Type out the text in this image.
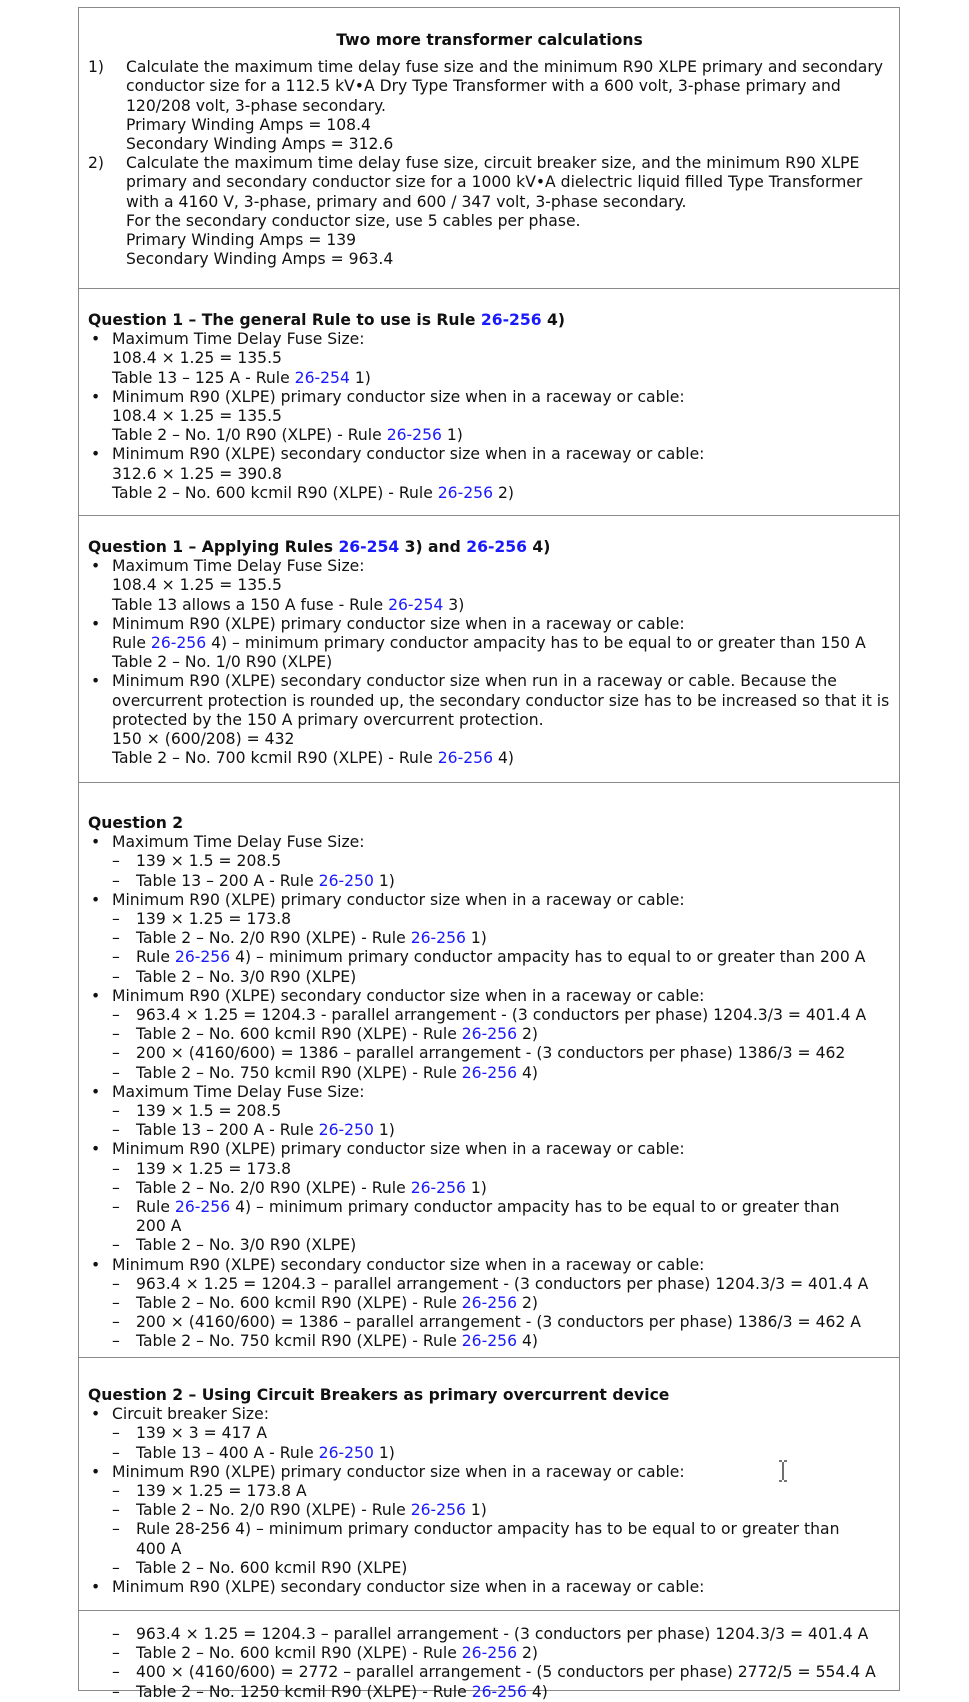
Two more transformer calculations
1)	Calculate the maximum time delay fuse size and the minimum R90 XLPE primary and secondary conductor size for a 112.5 kV•A Dry Type Transformer with a 600 volt, 3-phase primary and 120/208 volt, 3-phase secondary.
Primary Winding Amps = 108.4
Secondary Winding Amps = 312.6
2)	Calculate the maximum time delay fuse size, circuit breaker size, and the minimum R90 XLPE primary and secondary conductor size for a 1000 kV•A dielectric liquid filled Type Transformer with a 4160 V, 3-phase, primary and 600 / 347 volt, 3-phase secondary.
For the secondary conductor size, use 5 cables per phase.
Primary Winding Amps = 139
Secondary Winding Amps = 963.4
Question 1 – The general Rule to use is Rule 26-256 4)
• Maximum Time Delay Fuse Size:
108.4 × 1.25 = 135.5
Table 13 – 125 A - Rule 26-254 1)
• Minimum R90 (XLPE) primary conductor size when in a raceway or cable:
108.4 × 1.25 = 135.5
Table 2 – No. 1/0 R90 (XLPE) - Rule 26-256 1)
• Minimum R90 (XLPE) secondary conductor size when in a raceway or cable:
312.6 × 1.25 = 390.8
Table 2 – No. 600 kcmil R90 (XLPE) - Rule 26-256 2)
Question 1 – Applying Rules 26-254 3) and 26-256 4)
• Maximum Time Delay Fuse Size:
108.4 × 1.25 = 135.5
Table 13 allows a 150 A fuse - Rule 26-254 3)
• Minimum R90 (XLPE) primary conductor size when in a raceway or cable:
Rule 26-256 4) – minimum primary conductor ampacity has to be equal to or greater than 150 A
Table 2 – No. 1/0 R90 (XLPE)
• Minimum R90 (XLPE) secondary conductor size when run in a raceway or cable. Because the overcurrent protection is rounded up, the secondary conductor size has to be increased so that it is protected by the 150 A primary overcurrent protection.
150 × (600/208) = 432
Table 2 – No. 700 kcmil R90 (XLPE) - Rule 26-256 4)
Question 2
• Maximum Time Delay Fuse Size:
– 139 × 1.5 = 208.5
– Table 13 – 200 A - Rule 26-250 1)
• Minimum R90 (XLPE) primary conductor size when in a raceway or cable:
– 139 × 1.25 = 173.8
– Table 2 – No. 2/0 R90 (XLPE) - Rule 26-256 1)
– Rule 26-256 4) – minimum primary conductor ampacity has to equal to or greater than 200 A
– Table 2 – No. 3/0 R90 (XLPE)
• Minimum R90 (XLPE) secondary conductor size when in a raceway or cable:
– 963.4 × 1.25 = 1204.3 - parallel arrangement - (3 conductors per phase) 1204.3/3 = 401.4 A
– Table 2 – No. 600 kcmil R90 (XLPE) - Rule 26-256 2)
– 200 × (4160/600) = 1386 – parallel arrangement - (3 conductors per phase) 1386/3 = 462
– Table 2 – No. 750 kcmil R90 (XLPE) - Rule 26-256 4)
• Maximum Time Delay Fuse Size:
– 139 × 1.5 = 208.5
– Table 13 – 200 A - Rule 26-250 1)
• Minimum R90 (XLPE) primary conductor size when in a raceway or cable:
– 139 × 1.25 = 173.8
– Table 2 – No. 2/0 R90 (XLPE) - Rule 26-256 1)
– Rule 26-256 4) – minimum primary conductor ampacity has to be equal to or greater than
200 A
– Table 2 – No. 3/0 R90 (XLPE)
• Minimum R90 (XLPE) secondary conductor size when in a raceway or cable:
– 963.4 × 1.25 = 1204.3 – parallel arrangement - (3 conductors per phase) 1204.3/3 = 401.4 A
– Table 2 – No. 600 kcmil R90 (XLPE) - Rule 26-256 2)
– 200 × (4160/600) = 1386 – parallel arrangement - (3 conductors per phase) 1386/3 = 462 A
– Table 2 – No. 750 kcmil R90 (XLPE) - Rule 26-256 4)
Question 2 – Using Circuit Breakers as primary overcurrent device
• Circuit breaker Size:
– 139 × 3 = 417 A
– Table 13 – 400 A - Rule 26-250 1)
• Minimum R90 (XLPE) primary conductor size when in a raceway or cable:
– 139 × 1.25 = 173.8 A
– Table 2 – No. 2/0 R90 (XLPE) - Rule 26-256 1)
– Rule 28-256 4) – minimum primary conductor ampacity has to be equal to or greater than
400 A
– Table 2 – No. 600 kcmil R90 (XLPE)
• Minimum R90 (XLPE) secondary conductor size when in a raceway or cable:
– 963.4 × 1.25 = 1204.3 – parallel arrangement - (3 conductors per phase) 1204.3/3 = 401.4 A
– Table 2 – No. 600 kcmil R90 (XLPE) - Rule 26-256 2)
– 400 × (4160/600) = 2772 – parallel arrangement - (5 conductors per phase) 2772/5 = 554.4 A
– Table 2 – No. 1250 kcmil R90 (XLPE) - Rule 26-256 4)
